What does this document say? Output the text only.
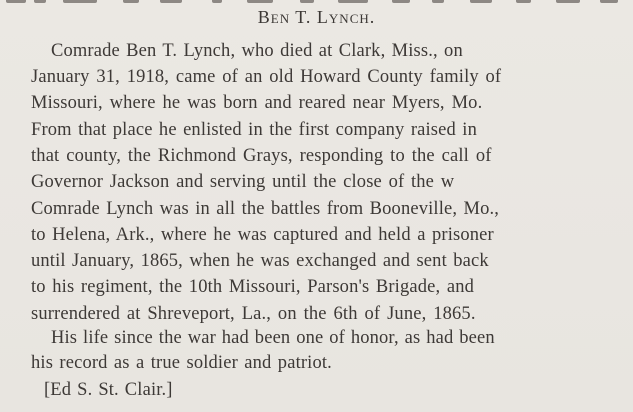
Ben T. Lynch.
Comrade Ben T. Lynch, who died at Clark, Miss., on
January 31, 1918, came of an old Howard County family of
Missouri, where he was born and reared near Myers, Mo.
From that place he enlisted in the first company raised in
that county, the Richmond Grays, responding to the call of
Governor Jackson and serving until the close of the w
Comrade Lynch was in all the battles from Booneville, Mo.,
to Helena, Ark., where he was captured and held a prisoner
until January, 1865, when he was exchanged and sent back
to his regiment, the 10th Missouri, Parson's Brigade, and
surrendered at Shreveport, La., on the 6th of June, 1865.
His life since the war had been one of honor, as had been
his record as a true soldier and patriot.
[Ed S. St. Clair.]
